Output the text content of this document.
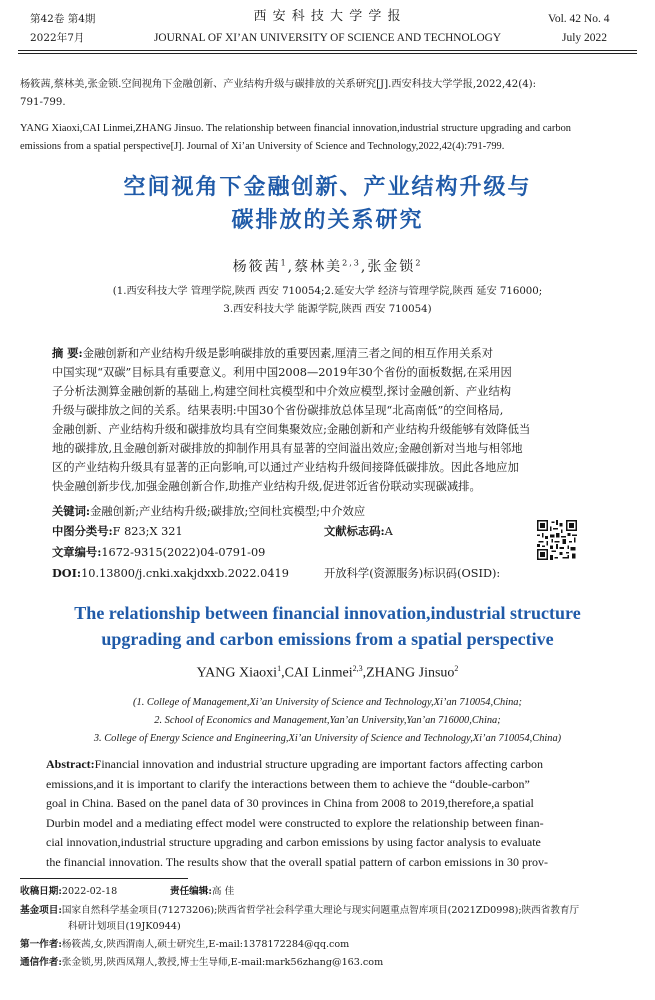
第42卷 第4期
2022年7月
西 安 科 技 大 学 学 报
JOURNAL OF XI’AN UNIVERSITY OF SCIENCE AND TECHNOLOGY
Vol. 42 No. 4
July 2022
杨筱茜,蔡林美,张金锁.空间视角下金融创新、产业结构升级与碳排放的关系研究[J].西安科技大学学报,2022,42(4):
791-799.
YANG Xiaoxi,CAI Linmei,ZHANG Jinsuo. The relationship between financial innovation,industrial structure upgrading and carbon
emissions from a spatial perspective[J]. Journal of Xi’an University of Science and Technology,2022,42(4):791-799.
空间视角下金融创新、产业结构升级与
碳排放的关系研究
杨筱茜$^1$,蔡林美$^{2,3}$,张金锁$^2$
(1.西安科技大学 管理学院,陕西 西安 710054;2.延安大学 经济与管理学院,陕西 延安 716000;
3.西安科技大学 能源学院,陕西 西安 710054)
摘 要:金融创新和产业结构升级是影响碳排放的重要因素,厘清三者之间的相互作用关系对
中国实现“双碳”目标具有重要意义。利用中国2008—2019年30个省份的面板数据,在采用因
子分析法测算金融创新的基础上,构建空间杜宾模型和中介效应模型,探讨金融创新、产业结构
升级与碳排放之间的关系。结果表明:中国30个省份碳排放总体呈现“北高南低”的空间格局,
金融创新、产业结构升级和碳排放均具有空间集聚效应;金融创新和产业结构升级能够有效降低当
地的碳排放,且金融创新对碳排放的抑制作用具有显著的空间溢出效应;金融创新对当地与相邻地
区的产业结构升级具有显著的正向影响,可以通过产业结构升级间接降低碳排放。因此各地应加
快金融创新步伐,加强金融创新合作,助推产业结构升级,促进邻近省份联动实现碳减排。
关键词:金融创新;产业结构升级;碳排放;空间杜宾模型;中介效应
中图分类号:F 823;X 321	文献标志码:A
文章编号:1672-9315(2022)04-0791-09
DOI:10.13800/j.cnki.xakjdxxb.2022.0419	开放科学(资源服务)标识码(OSID):
The relationship between financial innovation,industrial structure
upgrading and carbon emissions from a spatial perspective
YANG Xiaoxi$^1$,CAI Linmei$^{2,3}$,ZHANG Jinsuo$^2$
(1. College of Management,Xi’an University of Science and Technology,Xi’an 710054,China;
2. School of Economics and Management,Yan’an University,Yan’an 716000,China;
3. College of Energy Science and Engineering,Xi’an University of Science and Technology,Xi’an 710054,China)
Abstract:Financial innovation and industrial structure upgrading are important factors affecting carbon
emissions,and it is important to clarify the interactions between them to achieve the “double-carbon”
goal in China. Based on the panel data of 30 provinces in China from 2008 to 2019,therefore,a spatial
Durbin model and a mediating effect model were constructed to explore the relationship between finan-
cial innovation,industrial structure upgrading and carbon emissions by using factor analysis to evaluate
the financial innovation. The results show that the overall spatial pattern of carbon emissions in 30 prov-
收稿日期:2022-02-18	责任编辑:高 佳
基金项目:国家自然科学基金项目(71273206);陕西省哲学社会科学重大理论与现实问题重点智库项目(2021ZD0998);陕西省教育厅
科研计划项目(19JK0944)
第一作者:杨筱茜,女,陕西渭南人,硕士研究生,E-mail:1378172284@qq.com
通信作者:张金锁,男,陕西凤翔人,教授,博士生导师,E-mail:mark56zhang@163.com
